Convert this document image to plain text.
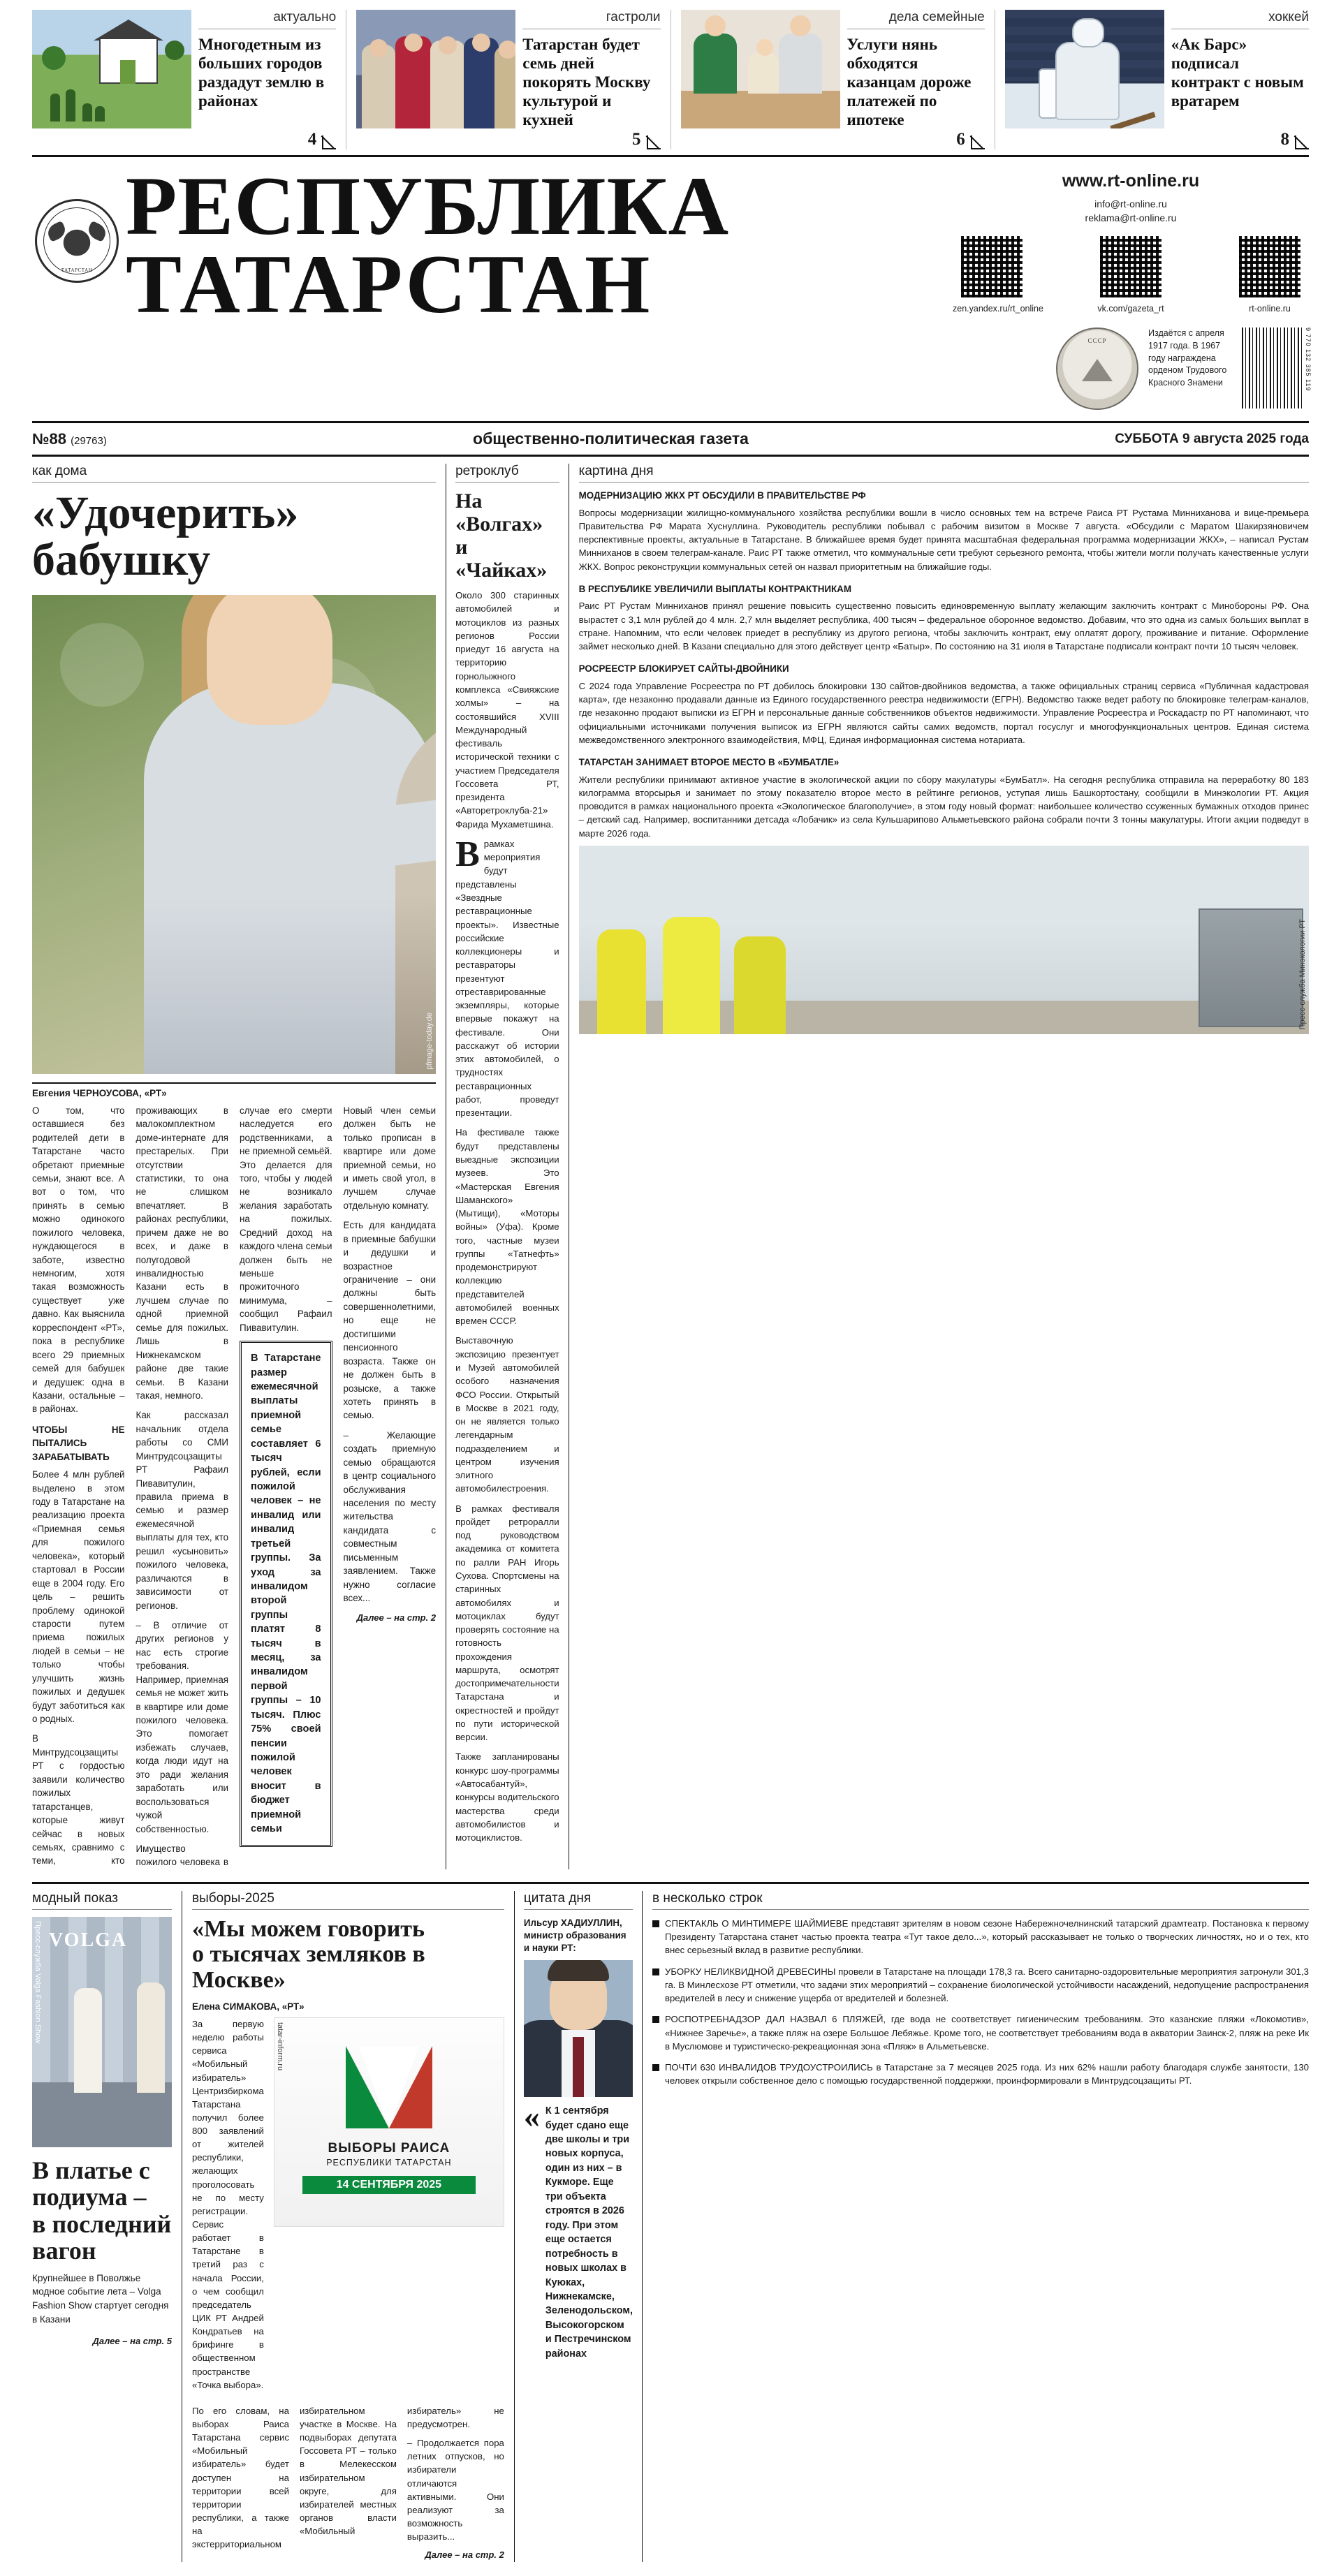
актуально
Многодетным из больших городов раздадут землю в районах
4
гастроли
Татарстан будет семь дней покорять Москву культурой и кухней
5
дела семейные
Услуги нянь обходятся казанцам дороже платежей по ипотеке
6
хоккей
«Ак Барс» подписал контракт с новым вратарем
8
ТАТАРСТАН
РЕСПУБЛИКА
ТАТАРСТАН
www.rt-online.ru
info@rt-online.ru
reklama@rt-online.ru
zen.yandex.ru/rt_online	vk.com/gazeta_rt	rt-online.ru
СССР
Издаётся с апреля 1917 года. В 1967 году награждена орденом Трудового Красного Знамени	9 770 132 385 119
№88 (29763)	общественно-политическая газета	СУББОТА 9 августа 2025 года
как дома
«Удочерить» бабушку
pfmage-today.de
Евгения ЧЕРНОУСОВА, «РТ»

О том, что оставшиеся без родителей дети в Татарстане часто обретают приемные семьи, знают все. А вот о том, что принять в семью можно одинокого пожилого человека, нуждающегося в заботе, известно немногим, хотя такая возможность существует уже давно. Как выяснила корреспондент «РТ», пока в республике всего 29 приемных семей для бабушек и дедушек: одна в Казани, остальные – в районах.

ЧТОБЫ НЕ ПЫТАЛИСЬ ЗАРАБАТЫВАТЬ

Более 4 млн рублей выделено в этом году в Татарстане на реализацию проекта «Приемная семья для пожилого человека», который стартовал в России еще в 2004 году. Его цель – решить проблему одинокой старости путем приема пожилых людей в семьи – не только чтобы улучшить жизнь пожилых и дедушек будут заботиться как о родных.

В Минтрудсоцзащиты РТ с гордостью заявили количество пожилых татарстанцев, которые живут сейчас в новых семьях, сравнимо с теми, кто проживающих в малокомплектном доме-интернате для престарелых. При отсутствии статистики, то она не слишком впечатляет. В районах республики, причем даже не во всех, и даже в полугодовой инвалидностью Казани есть в лучшем случае по одной приемной семье для пожилых. Лишь в Нижнекамском районе две такие семьи. В Казани такая, немного.

Как рассказал начальник отдела работы со СМИ Минтрудсоцзащиты РТ Рафаил Пивавитулин, правила приема в семью и размер ежемесячной выплаты для тех, кто решил «усыновить» пожилого человека, различаются в зависимости от регионов.

– В отличие от других регионов у нас есть строгие требования. Например, приемная семья не может жить в квартире или доме пожилого человека. Это помогает избежать случаев, когда люди идут на это ради желания заработать или воспользоваться чужой собственностью.

Имущество пожилого человека в случае его смерти наследуется его родственниками, а не приемной семьёй. Это делается для того, чтобы у людей не возникало желания заработать на пожилых. Средний доход на каждого члена семьи должен быть не меньше прожиточного минимума, – сообщил Рафаил Пивавитулин.

В Татарстане размер ежемесячной выплаты приемной семье составляет 6 тысяч рублей, если пожилой человек – не инвалид или инвалид третьей группы. За уход за инвалидом второй группы платят 8 тысяч в месяц, за инвалидом первой группы – 10 тысяч. Плюс 75% своей пенсии пожилой человек вносит в бюджет приемной семьи

Новый член семьи должен быть не только прописан в квартире или доме приемной семьи, но и иметь свой угол, в лучшем случае отдельную комнату.

Есть для кандидата в приемные бабушки и дедушки и возрастное ограничение – они должны быть совершеннолетними, но еще не достигшими пенсионного возраста. Также он не должен быть в розыске, а также хотеть принять в семью.

– Желающие создать приемную семью обращаются в центр социального обслуживания населения по месту жительства кандидата с совместным письменным заявлением. Также нужно согласие всех...

Далее – на стр. 2
ретроклуб
На «Волгах» и «Чайках»

Около 300 старинных автомобилей и мотоциклов из разных регионов России приедут 16 августа на территорию горнолыжного комплекса «Свияжские холмы» – на состоявшийся XVIII Международный фестиваль исторической техники с участием Председателя Госсовета РТ, президента «Авторетроклуба-21» Фарида Мухаметшина.

Врамках мероприятия будут представлены «Звездные реставрационные проекты». Известные российские коллекционеры и реставраторы презентуют отреставрированные экземпляры, которые впервые покажут на фестивале. Они расскажут об истории этих автомобилей, о трудностях реставрационных работ, проведут презентации.

На фестивале также будут представлены выездные экспозиции музеев. Это «Мастерская Евгения Шаманского» (Мытищи), «Моторы войны» (Уфа). Кроме того, частные музеи группы «Татнефть» продемонстрируют коллекцию представителей автомобилей военных времен СССР.

Выставочную экспозицию презентует и Музей автомобилей особого назначения ФСО России. Открытый в Москве в 2021 году, он не является только легендарным подразделением и центром изучения элитного автомобилестроения.

В рамках фестиваля пройдет ретроралли под руководством академика от комитета по ралли РАН Игорь Сухова. Спортсмены на старинных автомобилях и мотоциклах будут проверять состояние на готовность прохождения маршрута, осмотрят достопримечательности Татарстана и окрестностей и пройдут по пути исторической версии.

Также запланированы конкурс шоу-программы «Автосабантуй», конкурсы водительского мастерства среди автомобилистов и мотоциклистов.

картина дня
МОДЕРНИЗАЦИЮ ЖКХ РТ ОБСУДИЛИ В ПРАВИТЕЛЬСТВЕ РФ

Вопросы модернизации жилищно-коммунального хозяйства республики вошли в число основных тем на встрече Раиса РТ Рустама Минниханова и вице-премьера Правительства РФ Марата Хуснуллина. Руководитель республики побывал с рабочим визитом в Москве 7 августа. «Обсудили с Маратом Шакирзяновичем перспективные проекты, актуальные в Татарстане. В ближайшее время будет принята масштабная федеральная программа модернизации ЖКХ», – написал Рустам Минниханов в своем телеграм-канале. Раис РТ также отметил, что коммунальные сети требуют серьезного ремонта, чтобы жители могли получать качественные услуги ЖКХ. Вопрос реконструкции коммунальных сетей он назвал приоритетным на ближайшие годы.

В РЕСПУБЛИКЕ УВЕЛИЧИЛИ ВЫПЛАТЫ КОНТРАКТНИКАМ

Раис РТ Рустам Минниханов принял решение повысить существенно повысить единовременную выплату желающим заключить контракт с Минобороны РФ. Она вырастет с 3,1 млн рублей до 4 млн. 2,7 млн выделяет республика, 400 тысяч – федеральное оборонное ведомство. Добавим, что это одна из самых больших выплат в стране. Напомним, что если человек приедет в республику из другого региона, чтобы заключить контракт, ему оплатят дорогу, проживание и питание. Оформление займет несколько дней. В Казани специально для этого действует центр «Батыр». По состоянию на 31 июля в Татарстане подписали контракт почти 10 тысяч человек.

РОСРЕЕСТР БЛОКИРУЕТ САЙТЫ-ДВОЙНИКИ

С 2024 года Управление Росреестра по РТ добилось блокировки 130 сайтов-двойников ведомства, а также официальных страниц сервиса «Публичная кадастровая карта», где незаконно продавали данные из Единого государственного реестра недвижимости (ЕГРН). Ведомство также ведет работу по блокировке телеграм-каналов, где незаконно продают выписки из ЕГРН и персональные данные собственников объектов недвижимости. Управление Росреестра и Роскадастр по РТ напоминают, что официальными источниками получения выписок из ЕГРН являются сайты самих ведомств, портал госуслуг и многофункциональных центров. Единая система межведомственного электронного взаимодействия, МФЦ, Единая информационная система нотариата.

ТАТАРСТАН ЗАНИМАЕТ ВТОРОЕ МЕСТО В «БУМБАТЛЕ»

Жители республики принимают активное участие в экологической акции по сбору макулатуры «БумБатл». На сегодня республика отправила на переработку 80 183 килограмма вторсырья и занимает по этому показателю второе место в рейтинге регионов, уступая лишь Башкортостану, сообщили в Минэкологии РТ. Акция проводится в рамках национального проекта «Экологическое благополучие», в этом году новый формат: наибольшее количество ссуженных бумажных отходов принес – детский сад. Например, воспитанники детсада «Лобачик» из села Кульшарипово Альметьевского района собрали почти 3 тонны макулатуры. Итоги акции подведут в марте 2026 года.

Пресс-служба Минэкологии РТ
модный показ
VOLGA
Пресс-служба Volga Fashion Show
В платье с подиума –
в последний вагон
Крупнейшее в Поволжье модное событие лета – Volga Fashion Show стартует сегодня в Казани
Далее – на стр. 5
выборы-2025
«Мы можем говорить
о тысячах земляков в Москве»
Елена СИМАКОВА, «РТ»

За первую неделю работы сервиса «Мобильный избиратель» Центризбиркома Татарстана получил более 800 заявлений от жителей республики, желающих проголосовать не по месту регистрации. Сервис работает в Татарстане в третий раз с начала России, о чем сообщил председатель ЦИК РТ Андрей Кондратьев на брифинге в общественном пространстве «Точка выбора».

ВЫБОРЫ РАИСА
РЕСПУБЛИКИ ТАТАРСТАН
14 СЕНТЯБРЯ 2025
tatar-inform.ru

По его словам, на выборах Раиса Татарстана сервис «Мобильный избиратель» будет доступен на территории всей территории республики, а также на экстерриториальном избирательном участке в Москве. На подвыборах депутата Госсовета РТ – только в Мелекесском избирательном округе, для избирателей местных органов власти «Мобильный избиратель» не предусмотрен.

– Продолжается пора летних отпусков, но избиратели отличаются активными. Они реализуют за возможность выразить...

Далее – на стр. 2
цитата дня
Ильсур ХАДИУЛЛИН, министр образования и науки РТ:
« К 1 сентября будет сдано еще две школы и три новых корпуса, один из них – в Кукморе. Еще три объекта строятся в 2026 году. При этом еще остается потребность в новых школах в Куюках, Нижнекамске, Зеленодольском, Высокогорском и Пестречинском районах
в несколько строк
СПЕКТАКЛЬ О МИНТИМЕРЕ ШАЙМИЕВЕ представят зрителям в новом сезоне Набережночелнинский татарский драмтеатр. Постановка к первому Президенту Татарстана станет частью проекта театра «Тут такое дело...», который рассказывает не только о творческих личностях, но и о тех, кто внес серьезный вклад в развитие республики.
УБОРКУ НЕЛИКВИДНОЙ ДРЕВЕСИНЫ провели в Татарстане на площади 178,3 га. Всего санитарно-оздоровительные мероприятия затронули 301,3 га. В Минлесхозе РТ отметили, что задачи этих мероприятий – сохранение биологической устойчивости насаждений, недопущение распространения вредителей в лесу и снижение ущерба от вредителей и болезней.
РОСПОТРЕБНАДЗОР ДАЛ НАЗВАЛ 6 ПЛЯЖЕЙ, где вода не соответствует гигиеническим требованиям. Это казанские пляжи «Локомотив», «Нижнее Заречье», а также пляж на озере Большое Лебяжье. Кроме того, не соответствует требованиям вода в акватории Заинск-2, пляж на реке Ик в Муслюмове и туристическо-рекреационная зона «Пляж» в Альметьевске.
ПОЧТИ 630 ИНВАЛИДОВ ТРУДОУСТРОИЛИСЬ в Татарстане за 7 месяцев 2025 года. Из них 62% нашли работу благодаря службе занятости, 130 человек открыли собственное дело с помощью государственной поддержки, проинформировали в Минтрудсоцзащиты РТ.
